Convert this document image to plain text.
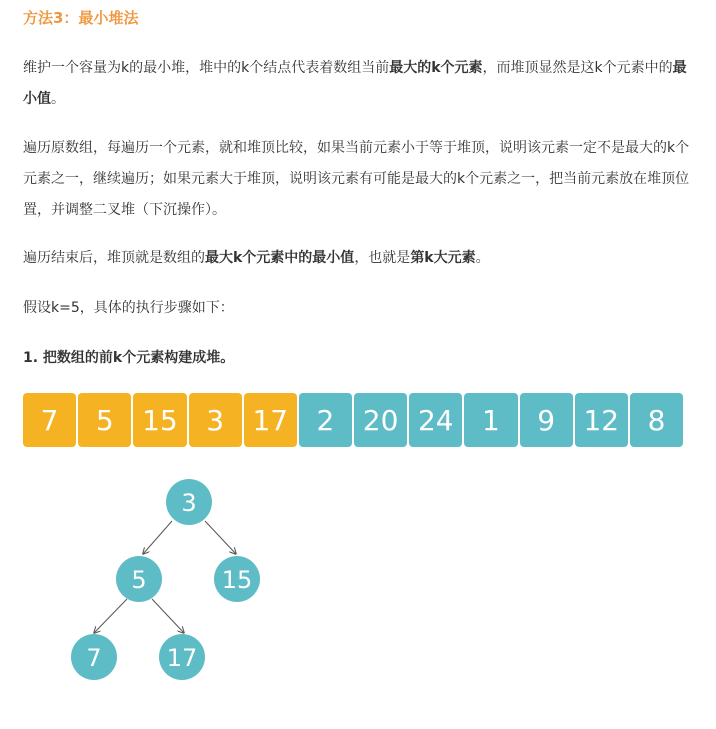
方法3：最小堆法

维护一个容量为k的最小堆，堆中的k个结点代表着数组当前最大的k个元素，而堆顶显然是这k个元素中的最小值。

遍历原数组，每遍历一个元素，就和堆顶比较，如果当前元素小于等于堆顶，说明该元素一定不是最大的k个元素之一，继续遍历；如果元素大于堆顶，说明该元素有可能是最大的k个元素之一，把当前元素放在堆顶位置，并调整二叉堆（下沉操作）。

遍历结束后，堆顶就是数组的最大k个元素中的最小值，也就是第k大元素。

假设k=5，具体的执行步骤如下：

1. 把数组的前k个元素构建成堆。

7	5	15	3	17	2	20 24	1	9	12	8
3
5	15
7	17
